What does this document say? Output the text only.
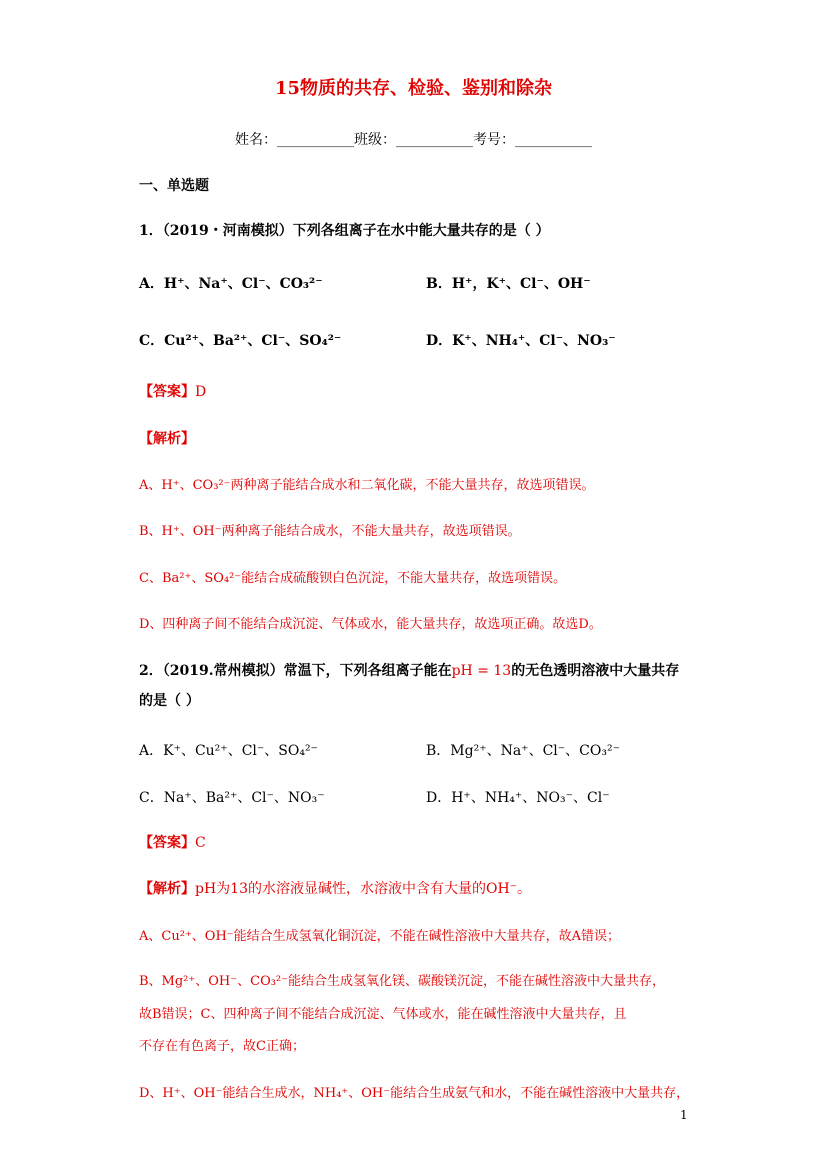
15物质的共存、检验、鉴别和除杂
姓名：___________班级：___________考号：___________
一、单选题
1．（2019・河南模拟）下列各组离子在水中能大量共存的是（ ）
A．H⁺、Na⁺、Cl⁻、CO₃²⁻	B．H⁺，K⁺、Cl⁻、OH⁻
C．Cu²⁺、Ba²⁺、Cl⁻、SO₄²⁻	D．K⁺、NH₄⁺、Cl⁻、NO₃⁻
【答案】D
【解析】
A、H⁺、CO₃²⁻两种离子能结合成水和二氧化碳，不能大量共存，故选项错误。
B、H⁺、OH⁻两种离子能结合成水，不能大量共存，故选项错误。
C、Ba²⁺、SO₄²⁻能结合成硫酸钡白色沉淀，不能大量共存，故选项错误。
D、四种离子间不能结合成沉淀、气体或水，能大量共存，故选项正确。故选D。
2．（2019.常州模拟）常温下，下列各组离子能在pH = 13的无色透明溶液中大量共存
的是（ ）
A．K⁺、Cu²⁺、Cl⁻、SO₄²⁻	B．Mg²⁺、Na⁺、Cl⁻、CO₃²⁻
C．Na⁺、Ba²⁺、Cl⁻、NO₃⁻	D．H⁺、NH₄⁺、NO₃⁻、Cl⁻
【答案】C
【解析】pH为13的水溶液显碱性，水溶液中含有大量的OH⁻。
A、Cu²⁺、OH⁻能结合生成氢氧化铜沉淀，不能在碱性溶液中大量共存，故A错误；
B、Mg²⁺、OH⁻、CO₃²⁻能结合生成氢氧化镁、碳酸镁沉淀，不能在碱性溶液中大量共存，
故B错误；C、四种离子间不能结合成沉淀、气体或水，能在碱性溶液中大量共存，且
不存在有色离子，故C正确；
D、H⁺、OH⁻能结合生成水，NH₄⁺、OH⁻能结合生成氨气和水，不能在碱性溶液中大量共存，
1
